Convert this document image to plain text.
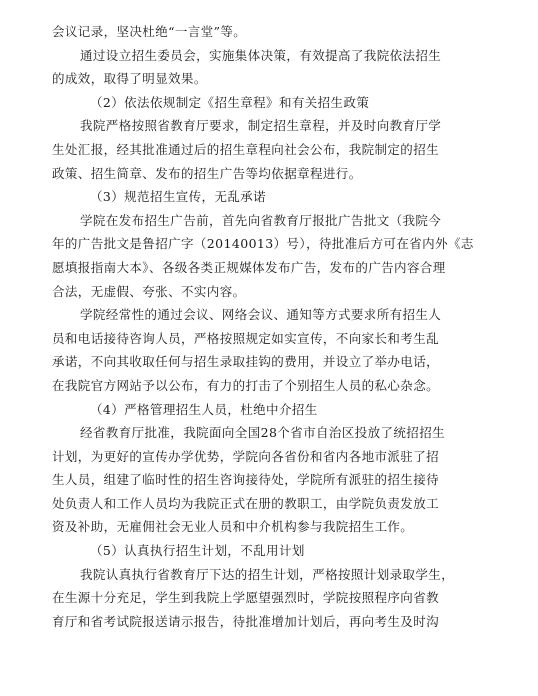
会议记录，坚决杜绝“一言堂”等。
通过设立招生委员会，实施集体决策，有效提高了我院依法招生
的成效，取得了明显效果。
（2）依法依规制定《招生章程》和有关招生政策
我院严格按照省教育厅要求，制定招生章程，并及时向教育厅学
生处汇报，经其批准通过后的招生章程向社会公布，我院制定的招生
政策、招生简章、发布的招生广告等均依据章程进行。
（3）规范招生宣传，无乱承诺
学院在发布招生广告前，首先向省教育厅报批广告批文（我院今
年的广告批文是鲁招广字（20140013）号），待批准后方可在省内外《志
愿填报指南大本》、各级各类正规媒体发布广告，发布的广告内容合理
合法，无虚假、夸张、不实内容。
学院经常性的通过会议、网络会议、通知等方式要求所有招生人
员和电话接待咨询人员，严格按照规定如实宣传，不向家长和考生乱
承诺，不向其收取任何与招生录取挂钩的费用，并设立了举办电话，
在我院官方网站予以公布，有力的打击了个别招生人员的私心杂念。
（4）严格管理招生人员，杜绝中介招生
经省教育厅批准，我院面向全国28个省市自治区投放了统招招生
计划，为更好的宣传办学优势，学院向各省份和省内各地市派驻了招
生人员，组建了临时性的招生咨询接待处，学院所有派驻的招生接待
处负责人和工作人员均为我院正式在册的教职工，由学院负责发放工
资及补助，无雇佣社会无业人员和中介机构参与我院招生工作。
（5）认真执行招生计划，不乱用计划
我院认真执行省教育厅下达的招生计划，严格按照计划录取学生，
在生源十分充足，学生到我院上学愿望强烈时，学院按照程序向省教
育厅和省考试院报送请示报告，待批准增加计划后，再向考生及时沟
